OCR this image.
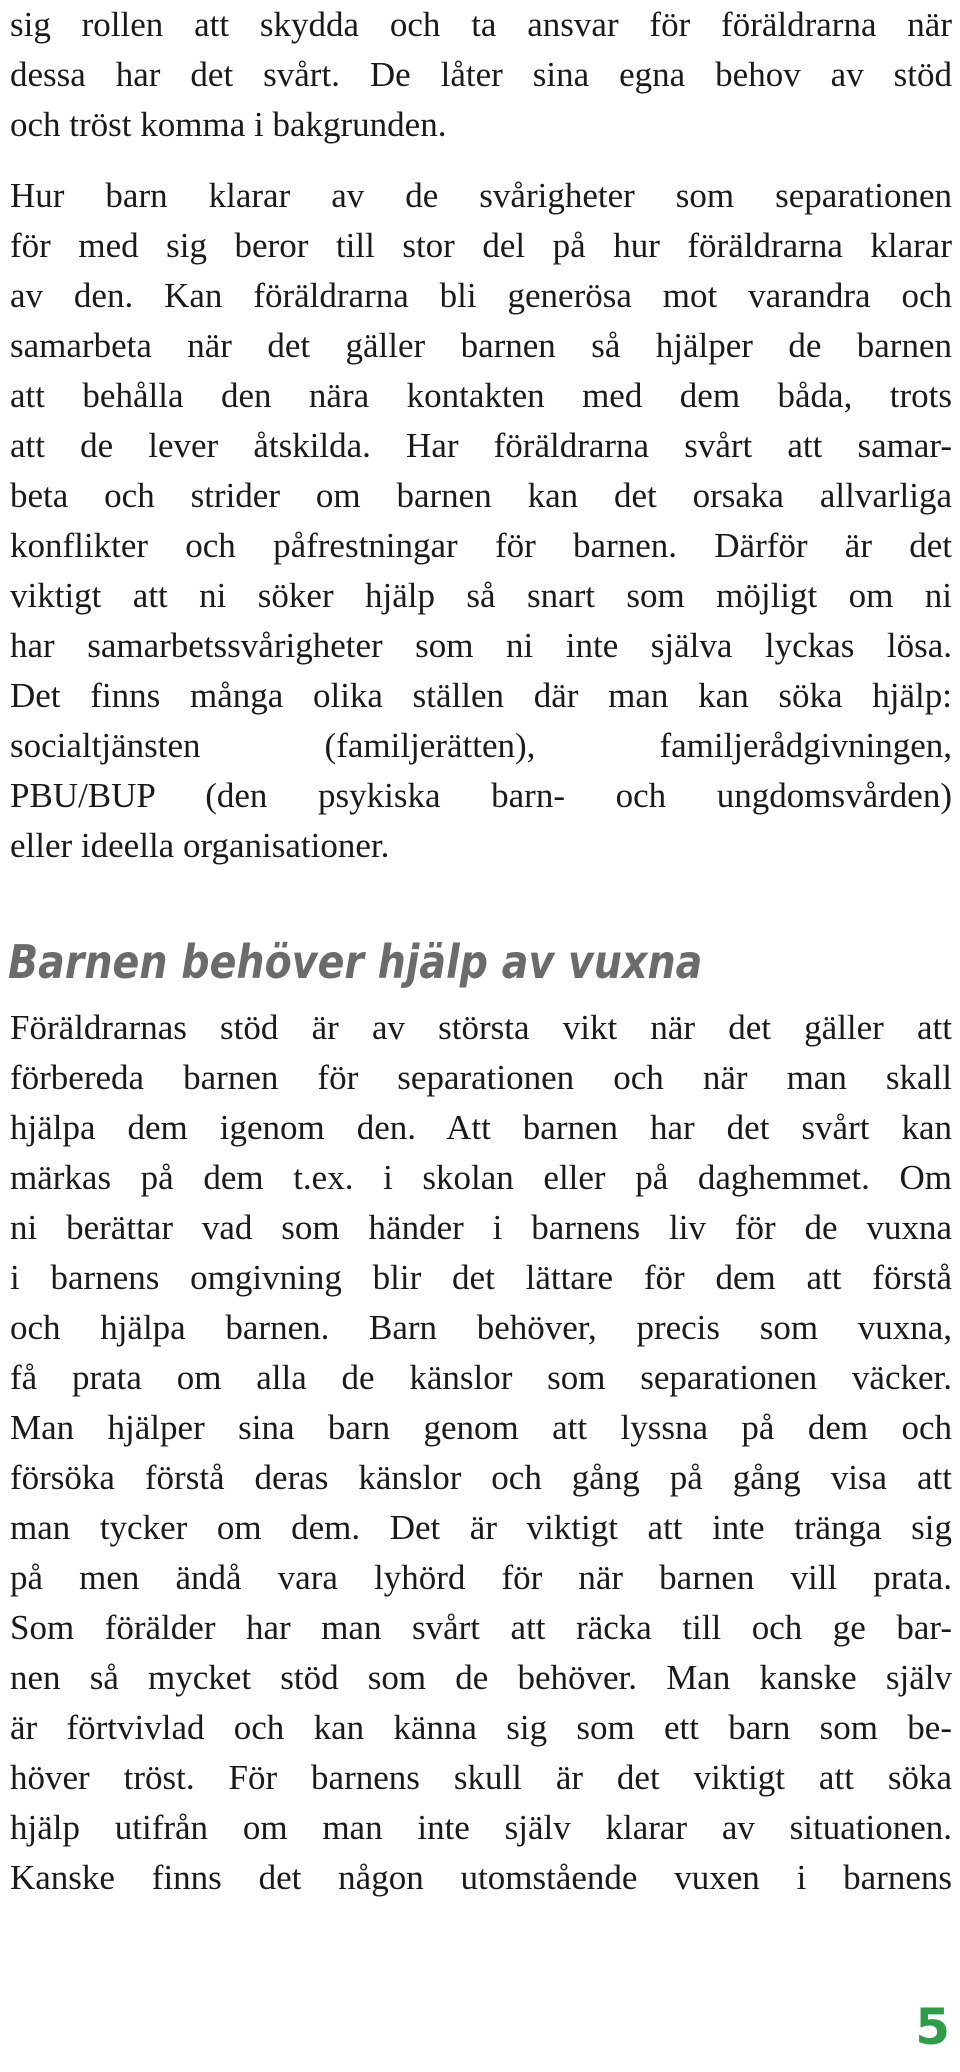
sig rollen att skydda och ta ansvar för föräldrarna när
dessa har det svårt. De låter sina egna behov av stöd
och tröst komma i bakgrunden.
Hur barn klarar av de svårigheter som separationen
för med sig beror till stor del på hur föräldrarna klarar
av den. Kan föräldrarna bli generösa mot varandra och
samarbeta när det gäller barnen så hjälper de barnen
att behålla den nära kontakten med dem båda, trots
att de lever åtskilda. Har föräldrarna svårt att samar-
beta och strider om barnen kan det orsaka allvarliga
konflikter och påfrestningar för barnen. Därför är det
viktigt att ni söker hjälp så snart som möjligt om ni
har samarbetssvårigheter som ni inte själva lyckas lösa.
Det finns många olika ställen där man kan söka hjälp:
socialtjänsten (familjerätten), familjerådgivningen,
PBU/BUP (den psykiska barn- och ungdomsvården)
eller ideella organisationer.
Barnen behöver hjälp av vuxna
Föräldrarnas stöd är av största vikt när det gäller att
förbereda barnen för separationen och när man skall
hjälpa dem igenom den. Att barnen har det svårt kan
märkas på dem t.ex. i skolan eller på daghemmet. Om
ni berättar vad som händer i barnens liv för de vuxna
i barnens omgivning blir det lättare för dem att förstå
och hjälpa barnen. Barn behöver, precis som vuxna,
få prata om alla de känslor som separationen väcker.
Man hjälper sina barn genom att lyssna på dem och
försöka förstå deras känslor och gång på gång visa att
man tycker om dem. Det är viktigt att inte tränga sig
på men ändå vara lyhörd för när barnen vill prata.
Som förälder har man svårt att räcka till och ge bar-
nen så mycket stöd som de behöver. Man kanske själv
är förtvivlad och kan känna sig som ett barn som be-
höver tröst. För barnens skull är det viktigt att söka
hjälp utifrån om man inte själv klarar av situationen.
Kanske finns det någon utomstående vuxen i barnens
5
